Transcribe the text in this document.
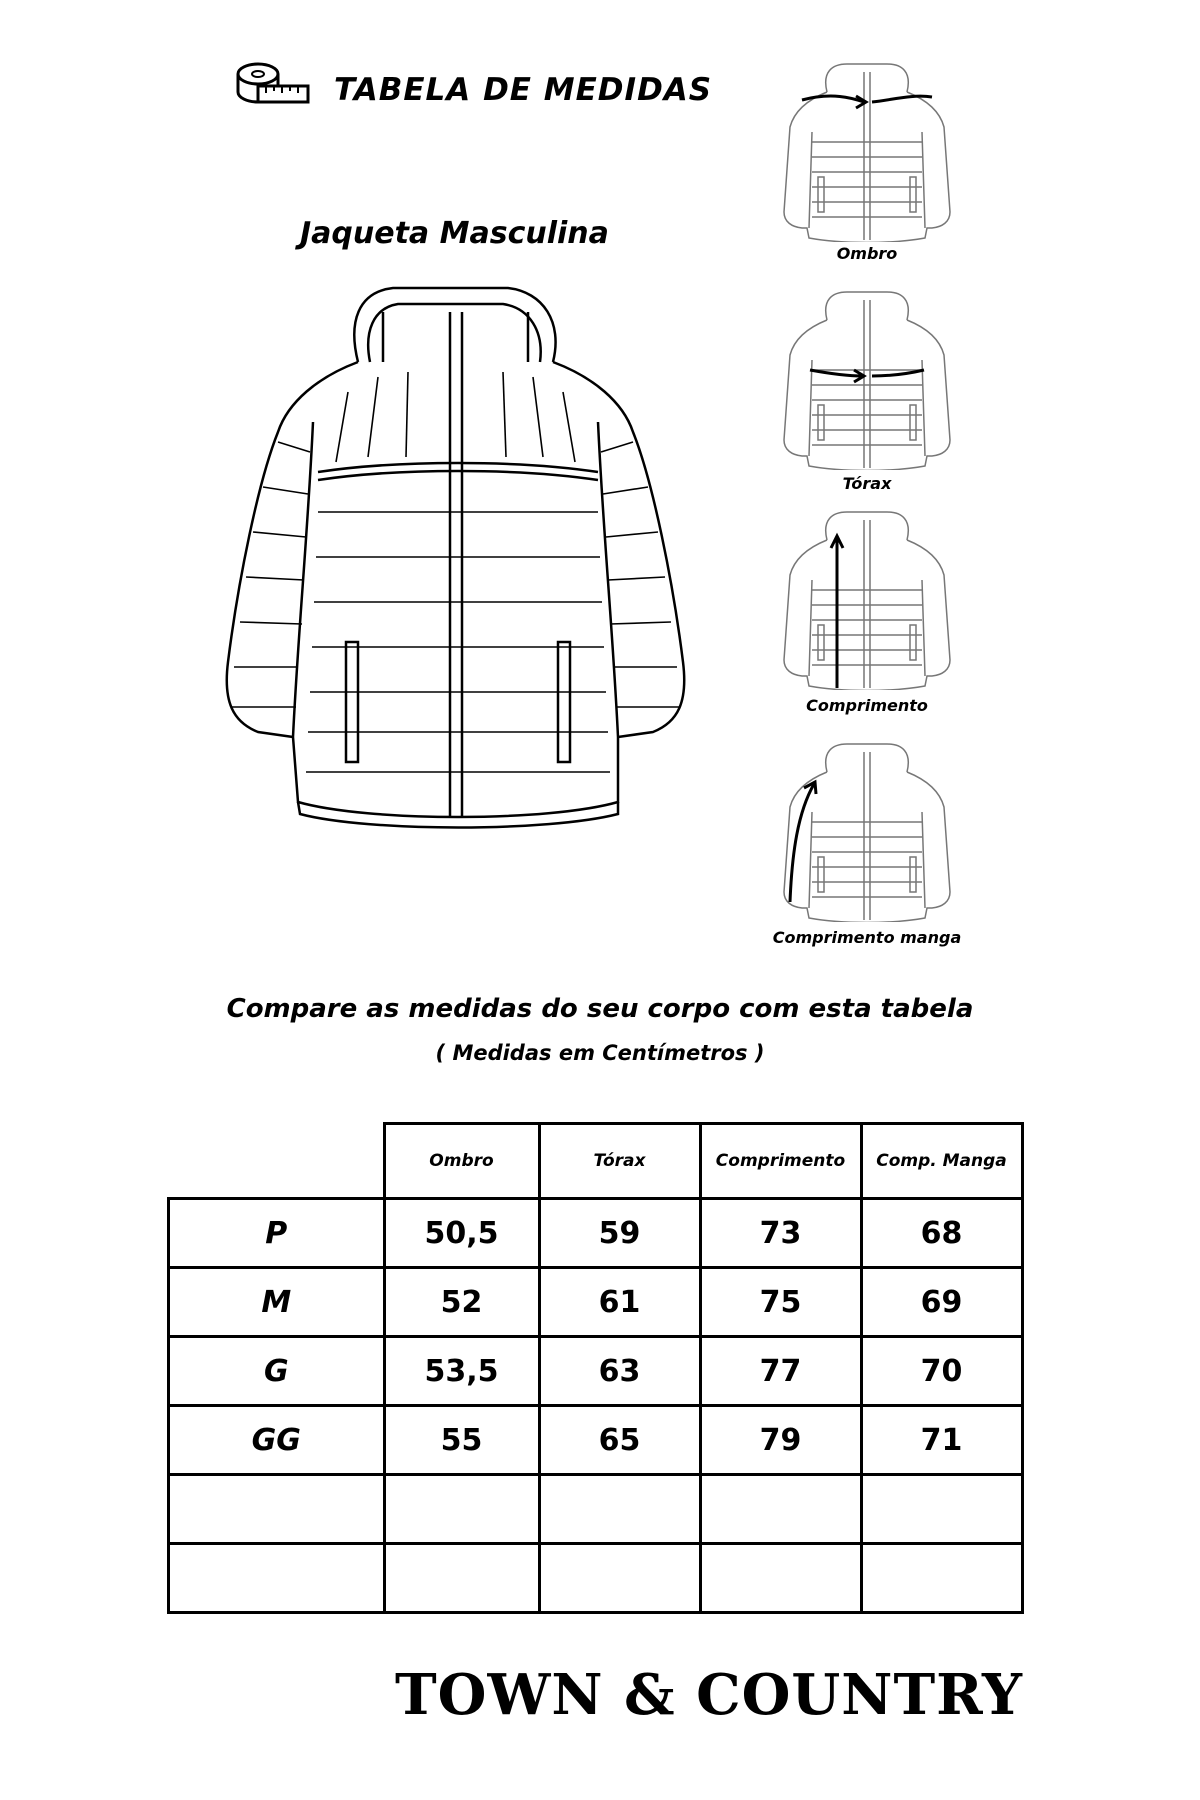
TABELA DE MEDIDAS
Jaqueta Masculina
Ombro
Tórax
Comprimento
Comprimento manga
Compare as medidas do seu corpo com esta tabela
( Medidas em Centímetros )
	Ombro	Tórax	Comprimento	Comp. Manga
P	50,5	59	73	68
M	52	61	75	69
G	53,5	63	77	70
GG	55	65	79	71

TOWN & COUNTRY
